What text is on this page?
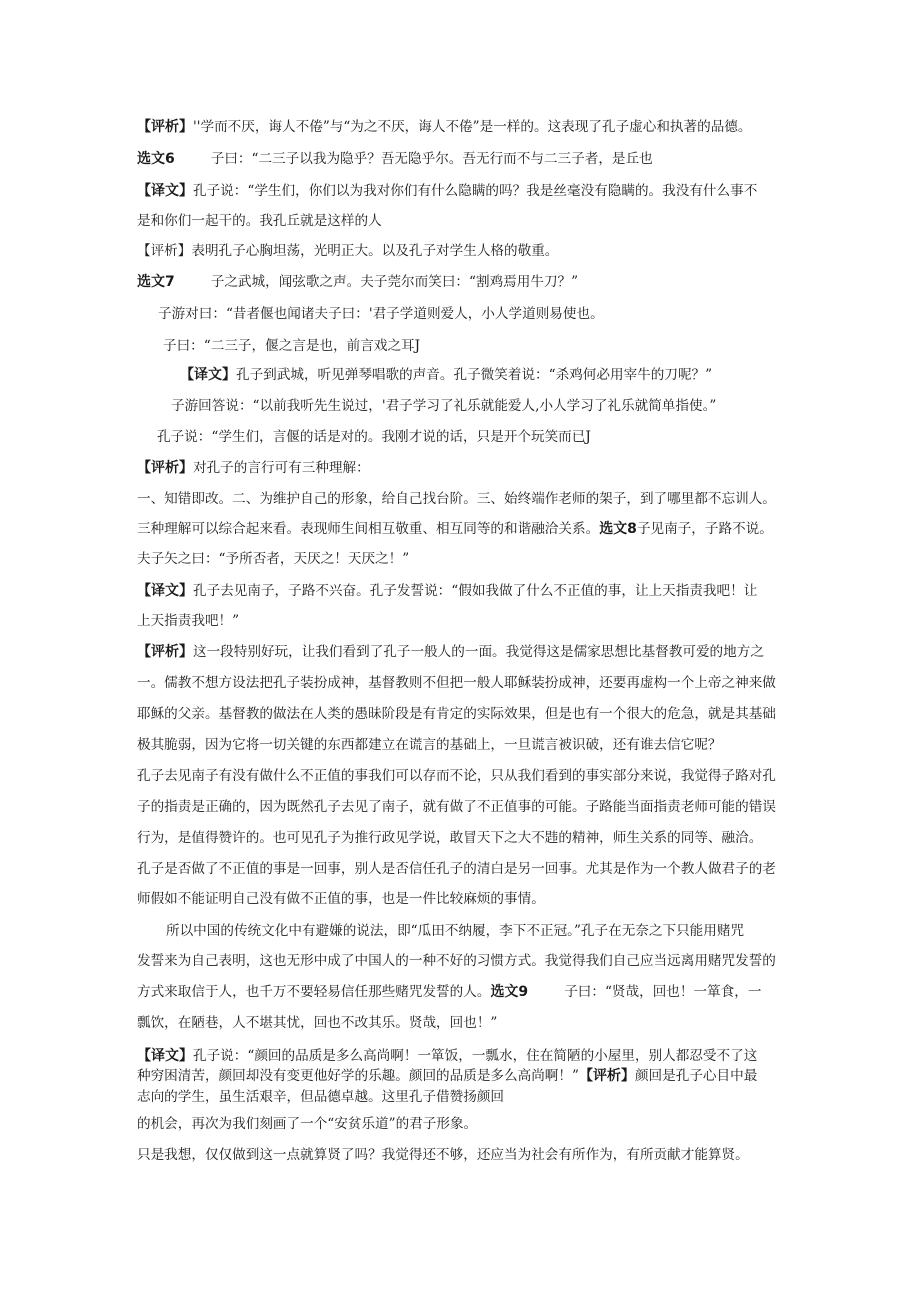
【评析】''学而不厌，诲人不倦”与“为之不厌，诲人不倦”是一样的。这表现了孔子虚心和执著的品德。
选文6	子曰：“二三子以我为隐乎？吾无隐乎尔。吾无行而不与二三子者，是丘也
【译文】孔子说：“学生们，你们以为我对你们有什么隐瞒的吗？我是丝毫没有隐瞒的。我没有什么事不
是和你们一起干的。我孔丘就是这样的人
【评析】表明孔子心胸坦荡，光明正大。以及孔子对学生人格的敬重。
选文7	子之武城，闻弦歌之声。夫子莞尔而笑曰：“割鸡焉用牛刀？”
子游对曰：“昔者偃也闻诸夫子曰：'君子学道则爱人，小人学道则易使也。
子曰：“二三子，偃之言是也，前言戏之耳J
【译文】孔子到武城，听见弹琴唱歌的声音。孔子微笑着说：“杀鸡何必用宰牛的刀呢？”
子游回答说：“以前我听先生说过，'君子学习了礼乐就能爱人,小人学习了礼乐就简单指使。”
孔子说：“学生们，言偃的话是对的。我刚才说的话，只是开个玩笑而已J
【评析】对孔子的言行可有三种理解：
一、知错即改。二、为维护自己的形象，给自己找台阶。三、始终端作老师的架子，到了哪里都不忘训人。
三种理解可以综合起来看。表现师生间相互敬重、相互同等的和谐融洽关系。选文8子见南子，子路不说。
夫子矢之曰：“予所否者，天厌之！天厌之！”
【译文】孔子去见南子，子路不兴奋。孔子发誓说：“假如我做了什么不正值的事，让上天指责我吧！让
上天指责我吧！”
【评析】这一段特别好玩，让我们看到了孔子一般人的一面。我觉得这是儒家思想比基督教可爱的地方之
一。儒教不想方设法把孔子装扮成神，基督教则不但把一般人耶稣装扮成神，还要再虚构一个上帝之神来做
耶稣的父亲。基督教的做法在人类的愚昧阶段是有肯定的实际效果，但是也有一个很大的危急，就是其基础
极其脆弱，因为它将一切关键的东西都建立在谎言的基础上，一旦谎言被识破，还有谁去信它呢？
孔子去见南子有没有做什么不正值的事我们可以存而不论，只从我们看到的事实部分来说，我觉得子路对孔
子的指责是正确的，因为既然孔子去见了南子，就有做了不正值事的可能。子路能当面指责老师可能的错误
行为，是值得赞许的。也可见孔子为推行政见学说，敢冒天下之大不韪的精神，师生关系的同等、融洽。
孔子是否做了不正值的事是一回事，别人是否信任孔子的清白是另一回事。尤其是作为一个教人做君子的老
师假如不能证明自己没有做不正值的事，也是一件比较麻烦的事情。
所以中国的传统文化中有避嫌的说法，即“瓜田不纳履，李下不正冠。”孔子在无奈之下只能用赌咒
发誓来为自己表明，这也无形中成了中国人的一种不好的习惯方式。我觉得我们自己应当远离用赌咒发誓的
方式来取信于人，也千万不要轻易信任那些赌咒发誓的人。选文9	子曰：“贤哉，回也！一箪食，一
瓢饮，在陋巷，人不堪其忧，回也不改其乐。贤哉，回也！”
【译文】孔子说：“颜回的品质是多么高尚啊！一箪饭，一瓢水，住在简陋的小屋里，别人都忍受不了这
种穷困清苦，颜回却没有变更他好学的乐趣。颜回的品质是多么高尚啊！”【评析】颜回是孔子心目中最
志向的学生，虽生活艰辛，但品德卓越。这里孔子借赞扬颜回
的机会，再次为我们刻画了一个“安贫乐道”的君子形象。
只是我想，仅仅做到这一点就算贤了吗？我觉得还不够，还应当为社会有所作为，有所贡献才能算贤。
